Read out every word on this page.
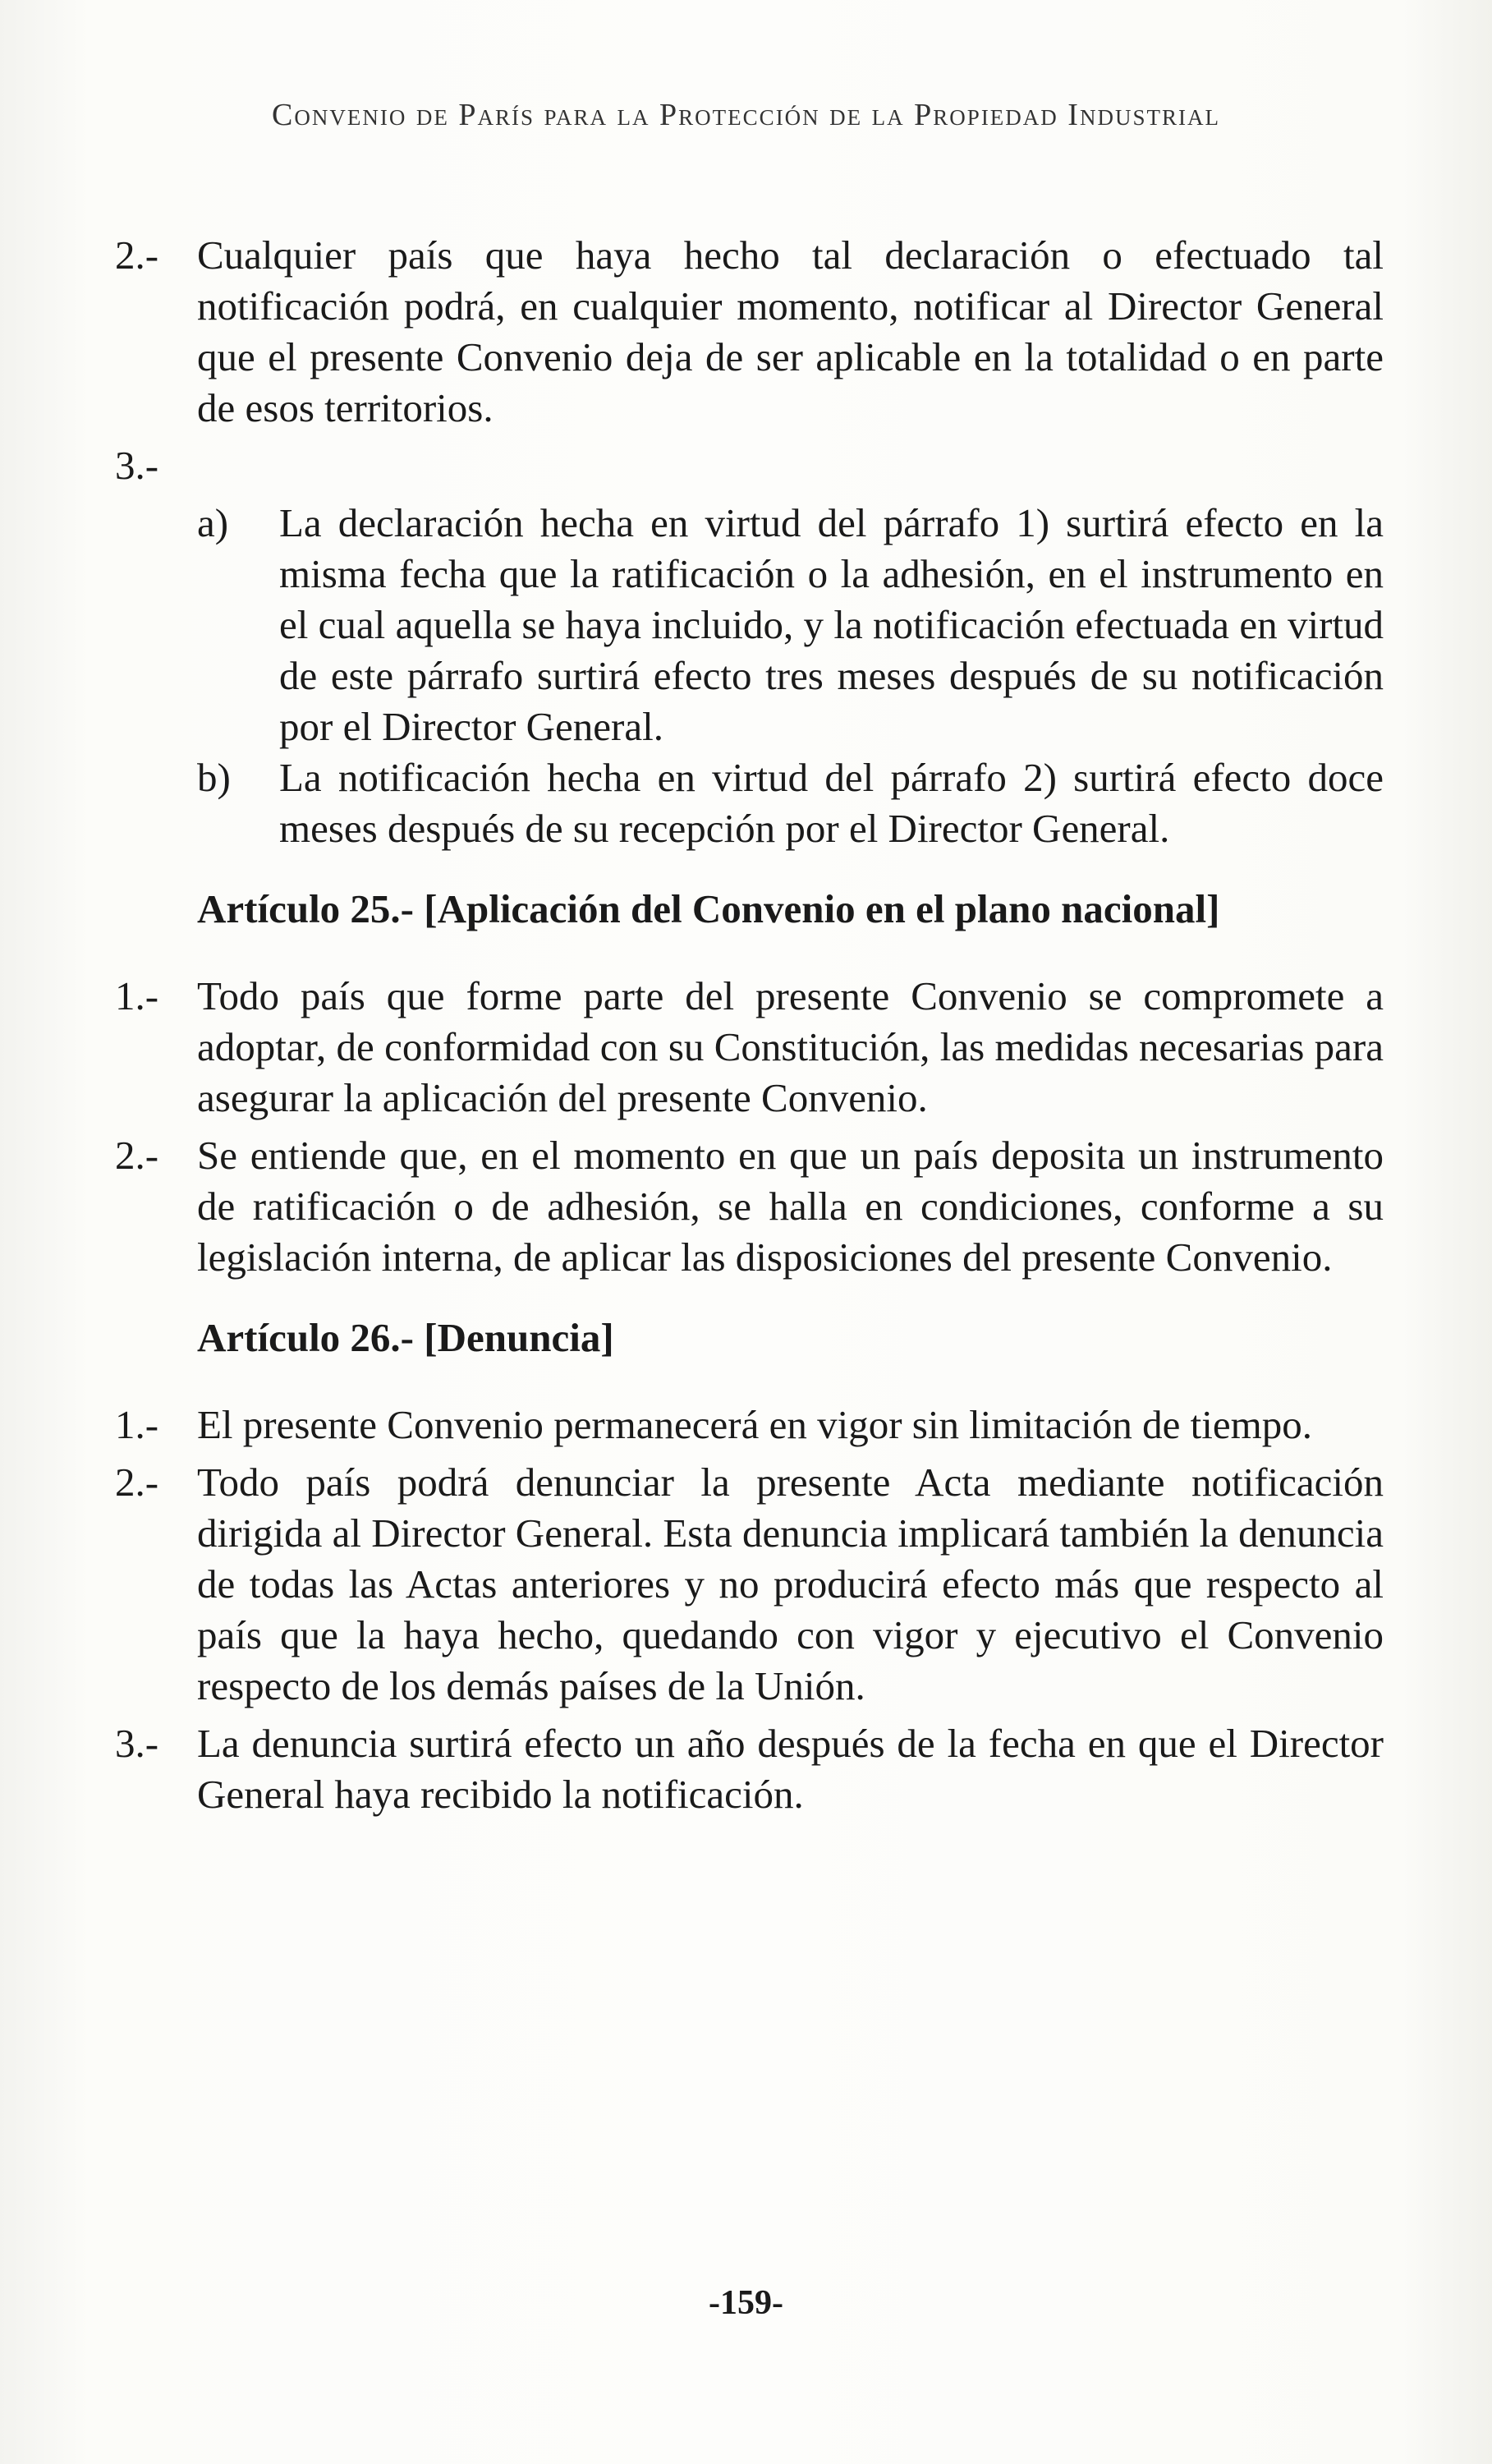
Convenio de París para la Protección de la Propiedad Industrial
2.- Cualquier país que haya hecho tal declaración o efectuado tal notificación podrá, en cualquier momento, notificar al Director General que el presente Convenio deja de ser aplicable en la totalidad o en parte de esos territorios.
3.-
a)	La declaración hecha en virtud del párrafo 1) surtirá efecto en la misma fecha que la ratificación o la adhesión, en el instrumento en el cual aquella se haya incluido, y la notificación efectuada en virtud de este párrafo surtirá efecto tres meses después de su notificación por el Director General.
b)	La notificación hecha en virtud del párrafo 2) surtirá efecto doce meses después de su recepción por el Director General.
Artículo 25.- [Aplicación del Convenio en el plano nacional]
1.- Todo país que forme parte del presente Convenio se compromete a adoptar, de conformidad con su Constitución, las medidas necesarias para asegurar la aplicación del presente Convenio.
2.- Se entiende que, en el momento en que un país deposita un instrumento de ratificación o de adhesión, se halla en condiciones, conforme a su legislación interna, de aplicar las disposiciones del presente Convenio.
Artículo 26.- [Denuncia]
1.- El presente Convenio permanecerá en vigor sin limitación de tiempo.
2.- Todo país podrá denunciar la presente Acta mediante notificación dirigida al Director General. Esta denuncia implicará también la denuncia de todas las Actas anteriores y no producirá efecto más que respecto al país que la haya hecho, quedando con vigor y ejecutivo el Convenio respecto de los demás países de la Unión.
3.- La denuncia surtirá efecto un año después de la fecha en que el Director General haya recibido la notificación.
-159-
